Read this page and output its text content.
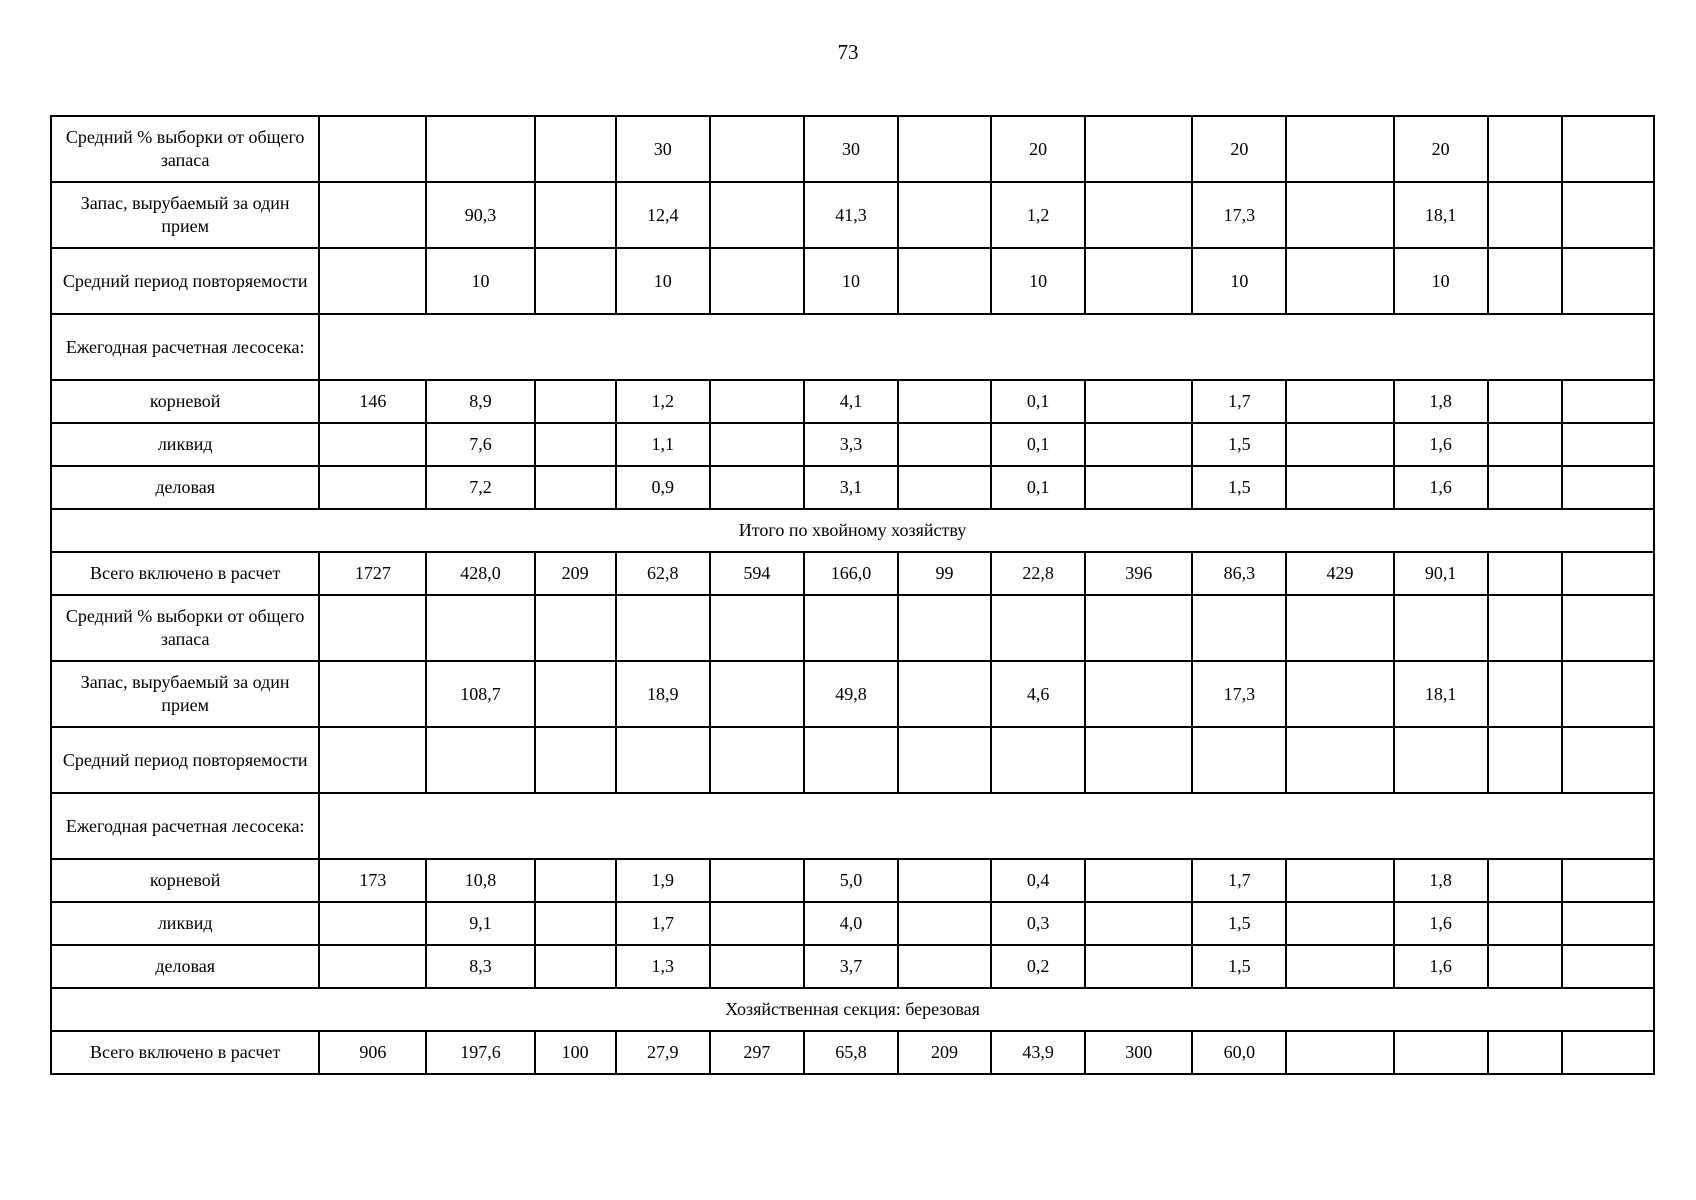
73
Средний % выборки от общего запаса				30		30		20		20		20		
Запас, вырубаемый за один прием		90,3		12,4		41,3		1,2		17,3		18,1		
Средний период повторяемости		10		10		10		10		10		10		
Ежегодная расчетная лесосека:														
корневой	146	8,9		1,2		4,1		0,1		1,7		1,8		
ликвид		7,6		1,1		3,3		0,1		1,5		1,6		
деловая		7,2		0,9		3,1		0,1		1,5		1,6		
Итого по хвойному хозяйству														
Всего включено в расчет	1727	428,0	209	62,8	594	166,0	99	22,8	396	86,3	429	90,1		
Средний % выборки от общего запаса														
Запас, вырубаемый за один прием		108,7		18,9		49,8		4,6		17,3		18,1		
Средний период повторяемости														
Ежегодная расчетная лесосека:														
корневой	173	10,8		1,9		5,0		0,4		1,7		1,8		
ликвид		9,1		1,7		4,0		0,3		1,5		1,6		
деловая		8,3		1,3		3,7		0,2		1,5		1,6		
Хозяйственная секция: березовая														
Всего включено в расчет	906	197,6	100	27,9	297	65,8	209	43,9	300	60,0				
